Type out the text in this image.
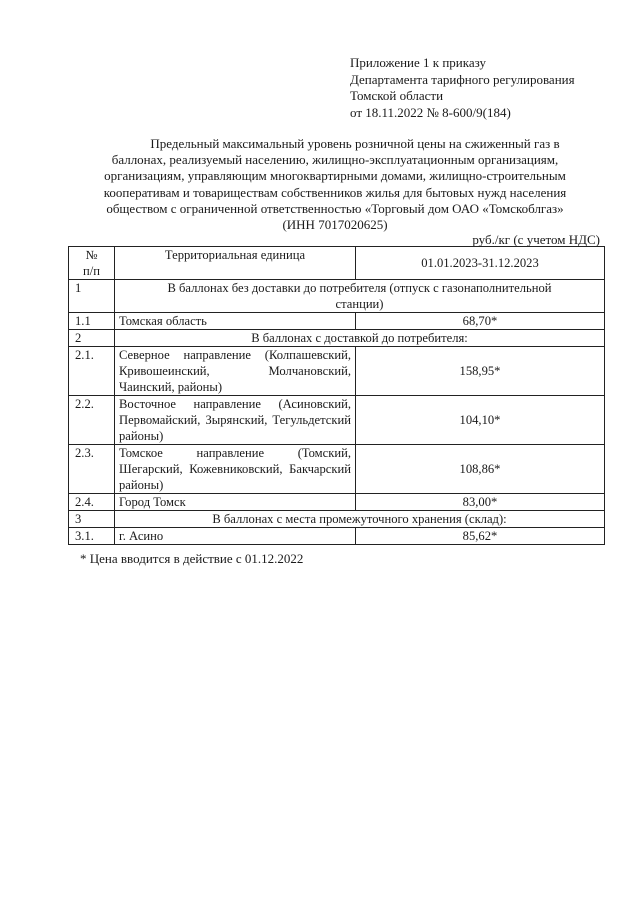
Приложение 1 к приказу
Департамента тарифного регулирования
Томской области
от 18.11.2022 № 8-600/9(184)
Предельный максимальный уровень розничной цены на сжиженный газ в
баллонах, реализуемый населению, жилищно-эксплуатационным организациям,
организациям, управляющим многоквартирными домами, жилищно-строительным
кооперативам и товариществам собственников жилья для бытовых нужд населения
обществом с ограниченной ответственностью «Торговый дом ОАО «Томскоблгаз»
(ИНН 7017020625)
руб./кг (с учетом НДС)
№
п/п	Территориальная единица	01.01.2023-31.12.2023
1	В баллонах без доставки до потребителя (отпуск с газонаполнительной станции)	
1.1	Томская область	68,70*
2	В баллонах с доставкой до потребителя:	
2.1.	Северное направление (Колпашевский, Кривошеинский, Молчановский, Чаинский, районы)	158,95*
2.2.	Восточное направление (Асиновский, Первомайский, Зырянский, Тегульдетский районы)	104,10*
2.3.	Томское направление (Томский, Шегарский, Кожевниковский, Бакчарский районы)	108,86*
2.4.	Город Томск	83,00*
3	В баллонах с места промежуточного хранения (склад):	
3.1.	г. Асино	85,62*
* Цена вводится в действие с 01.12.2022
